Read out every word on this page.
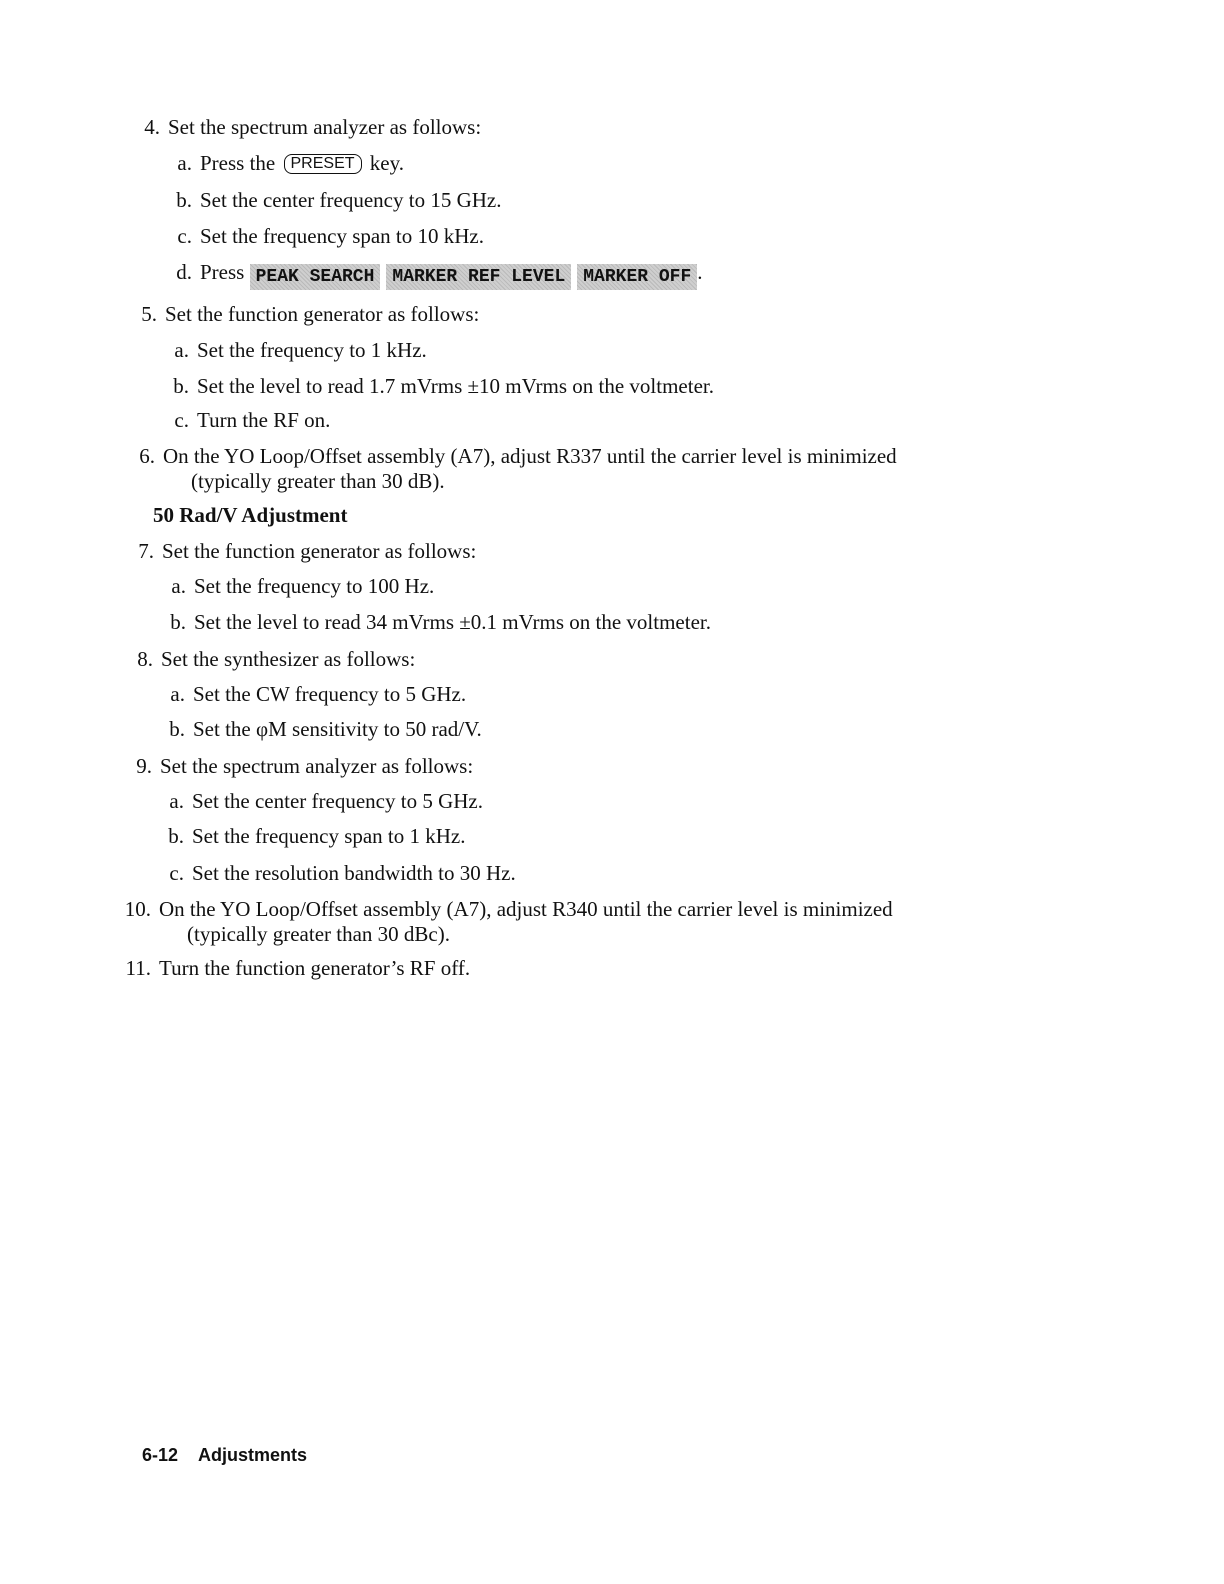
4. Set the spectrum analyzer as follows:
a. Press the PRESET key.
b. Set the center frequency to 15 GHz.
c. Set the frequency span to 10 kHz.
d. Press PEAK SEARCH MARKER REF LEVEL MARKER OFF .
5. Set the function generator as follows:
a. Set the frequency to 1 kHz.
b. Set the level to read 1.7 mVrms ±10 mVrms on the voltmeter.
c. Turn the RF on.
6. On the YO Loop/Offset assembly (A7), adjust R337 until the carrier level is minimized
(typically greater than 30 dB).
50 Rad/V Adjustment
7. Set the function generator as follows:
a. Set the frequency to 100 Hz.
b. Set the level to read 34 mVrms ±0.1 mVrms on the voltmeter.
8. Set the synthesizer as follows:
a. Set the CW frequency to 5 GHz.
b. Set the φM sensitivity to 50 rad/V.
9. Set the spectrum analyzer as follows:
a. Set the center frequency to 5 GHz.
b. Set the frequency span to 1 kHz.
c. Set the resolution bandwidth to 30 Hz.
10. On the YO Loop/Offset assembly (A7), adjust R340 until the carrier level is minimized
(typically greater than 30 dBc).
11. Turn the function generator’s RF off.
6-12 Adjustments
